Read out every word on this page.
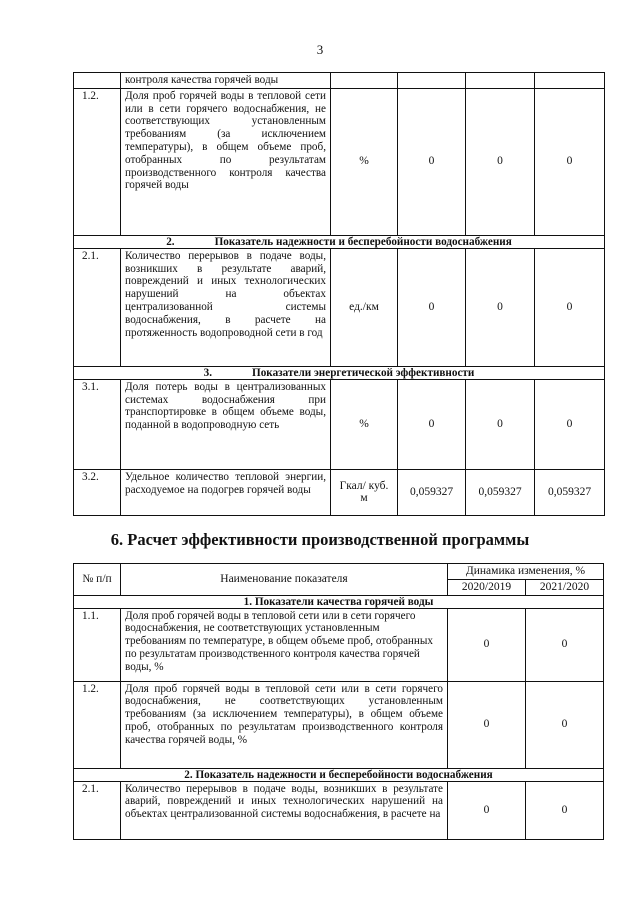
3
	контроля качества горячей воды				
1.2.	Доля проб горячей воды в тепловой сети или в сети горячего водоснабжения, не соответствующих установленным требованиям (за исключением температуры), в общем объеме проб, отобранных по результатам производственного контроля качества горячей воды	%	0	0	0
2. Показатель надежности и бесперебойности водоснабжения					
2.1.	Количество перерывов в подаче воды, возникших в результате аварий, повреждений и иных технологических нарушений на объектах централизованной системы водоснабжения, в расчете на протяженность водопроводной сети в год	ед./км	0	0	0
3. Показатели энергетической эффективности					
3.1.	Доля потерь воды в централизованных системах водоснабжения при транспортировке в общем объеме воды, поданной в водопроводную сеть	%	0	0	0
3.2.	Удельное количество тепловой энергии, расходуемое на подогрев горячей воды	Гкал/ куб. м	0,059327	0,059327	0,059327
6. Расчет эффективности производственной программы
№ п/п	Наименование показателя	Динамика изменения, %	
		2020/2019	2021/2020
1. Показатели качества горячей воды			
1.1.	Доля проб горячей воды в тепловой сети или в сети горячего водоснабжения, не соответствующих установленным требованиям по температуре, в общем объеме проб, отобранных по результатам производственного контроля качества горячей воды, %	0	0
1.2.	Доля проб горячей воды в тепловой сети или в сети горячего водоснабжения, не соответствующих установленным требованиям (за исключением температуры), в общем объеме проб, отобранных по результатам производственного контроля качества горячей воды, %	0	0
2. Показатель надежности и бесперебойности водоснабжения			
2.1.	Количество перерывов в подаче воды, возникших в результате аварий, повреждений и иных технологических нарушений на объектах централизованной системы водоснабжения, в расчете на	0	0
